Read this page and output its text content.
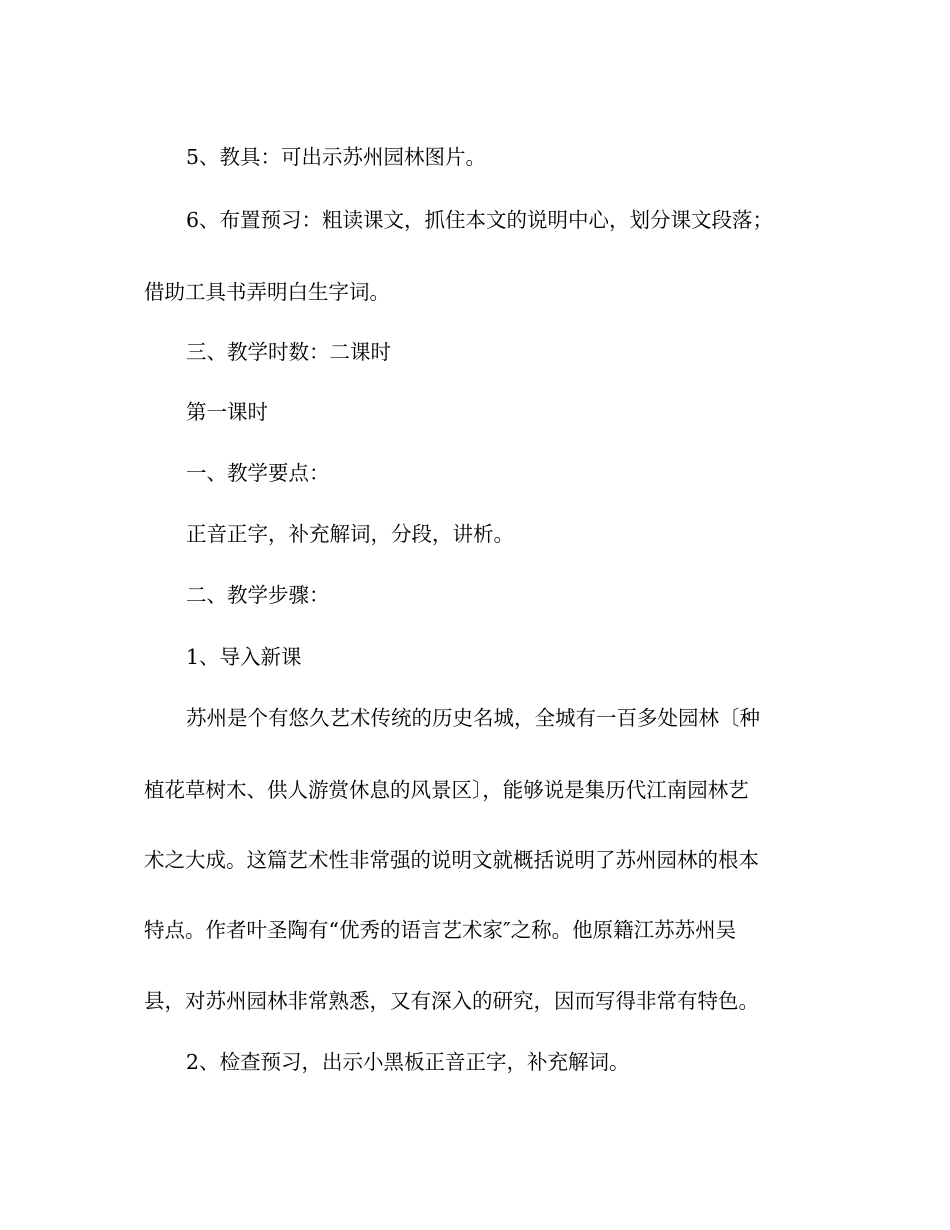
5、教具：可出示苏州园林图片。
6、布置预习：粗读课文，抓住本文的说明中心，划分课文段落；
借助工具书弄明白生字词。
三、教学时数：二课时
第一课时
一、教学要点：
正音正字，补充解词，分段，讲析。
二、教学步骤：
1、导入新课
苏州是个有悠久艺术传统的历史名城，全城有一百多处园林〔种
植花草树木、供人游赏休息的风景区〕，能够说是集历代江南园林艺
术之大成。这篇艺术性非常强的说明文就概括说明了苏州园林的根本
特点。作者叶圣陶有“优秀的语言艺术家″之称。他原籍江苏苏州吴
县，对苏州园林非常熟悉，又有深入的研究，因而写得非常有特色。
2、检查预习，出示小黑板正音正字，补充解词。
